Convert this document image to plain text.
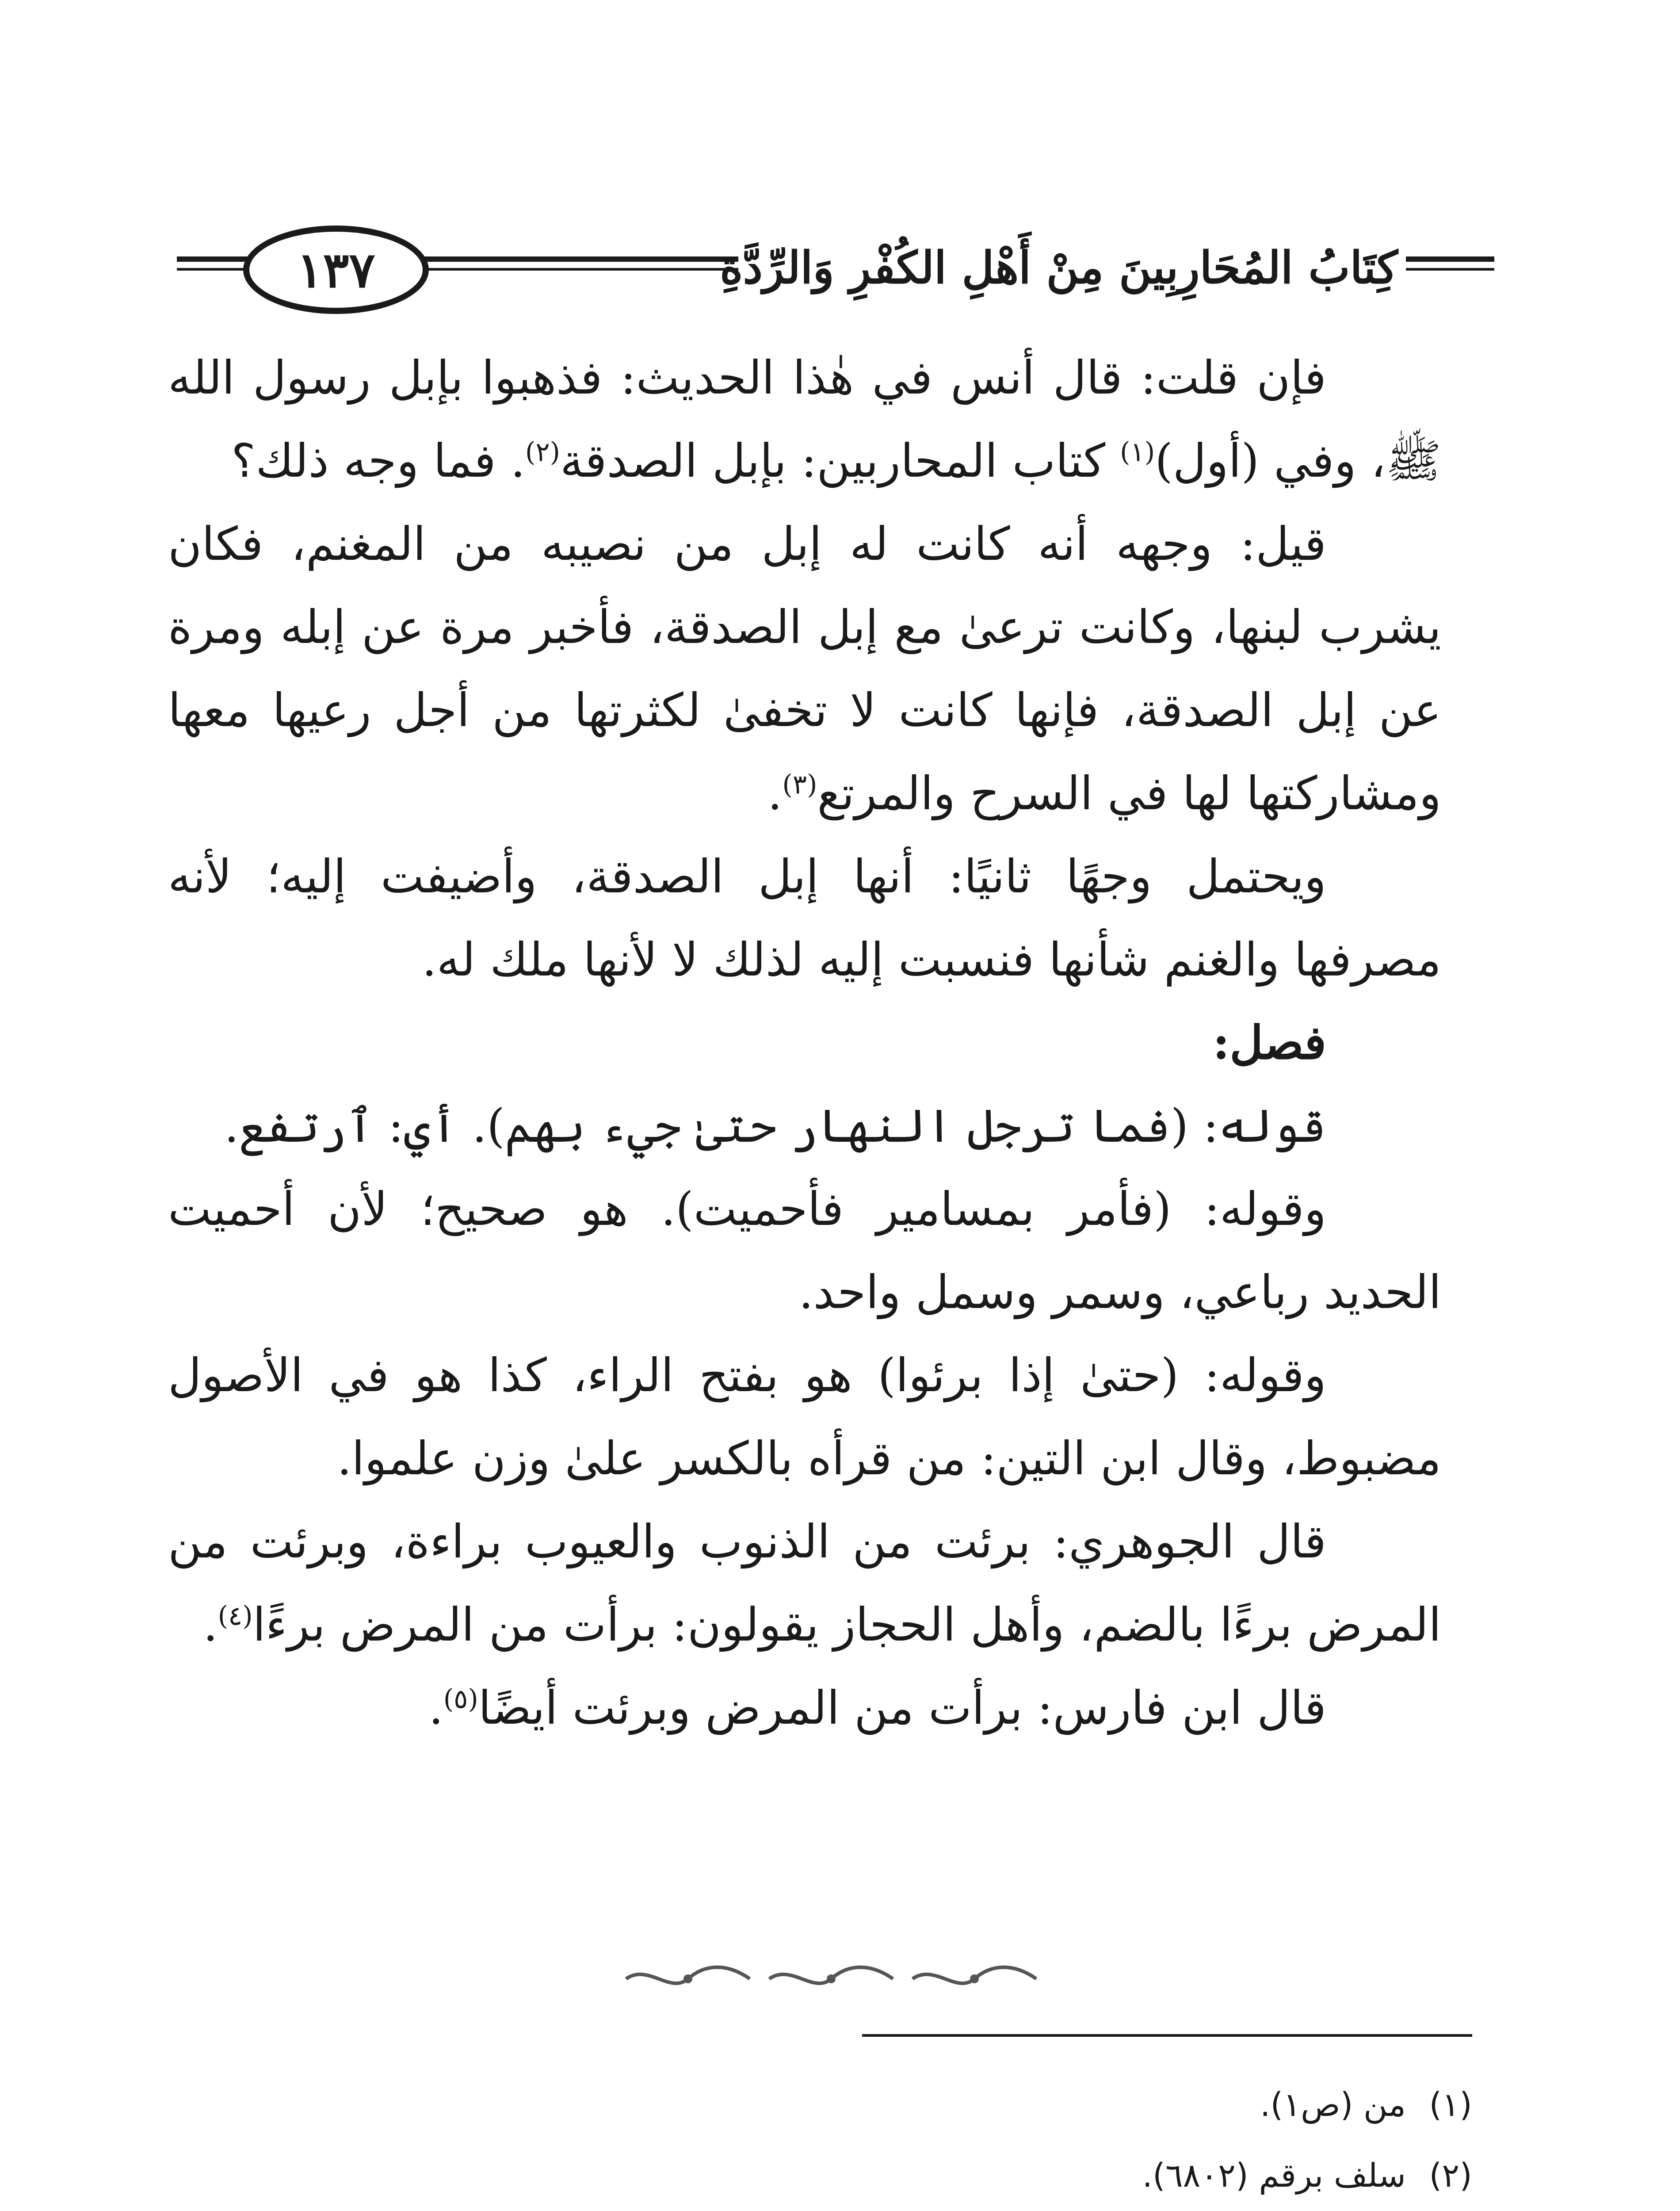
١٣٧	كِتَابُ المُحَارِبِينَ مِنْ أَهْلِ الكُفْرِ وَالرِّدَّةِ

فإن قلت: قال أنس في هٰذا الحديث: فذهبوا بإبل رسول الله ﷺ، وفي (أول)$^{(١)}$ كتاب المحاربين: بإبل الصدقة$^{(٢)}$. فما وجه ذلك؟

قيل: وجهه أنه كانت له إبل من نصيبه من المغنم، فكان يشرب لبنها، وكانت ترعىٰ مع إبل الصدقة، فأخبر مرة عن إبله ومرة عن إبل الصدقة، فإنها كانت لا تخفىٰ لكثرتها من أجل رعيها معها ومشاركتها لها في السرح والمرتع$^{(٣)}$.

ويحتمل وجهًا ثانيًا: أنها إبل الصدقة، وأضيفت إليه؛ لأنه مصرفها والغنم شأنها فنسبت إليه لذلك لا لأنها ملك له.

فصل:

قوله: (فما ترجل النهار حتىٰ جيء بهم). أي: ٱرتفع.

وقوله: (فأمر بمسامير فأحميت). هو صحيح؛ لأن أحميت الحديد رباعي، وسمر وسمل واحد.

وقوله: (حتىٰ إذا برئوا) هو بفتح الراء، كذا هو في الأصول مضبوط، وقال ابن التين: من قرأه بالكسر علىٰ وزن علموا.

قال الجوهري: برئت من الذنوب والعيوب براءة، وبرئت من المرض برءًا بالضم، وأهل الحجاز يقولون: برأت من المرض برءًا$^{(٤)}$.

قال ابن فارس: برأت من المرض وبرئت أيضًا$^{(٥)}$.

(١)من (ص١).
(٢)سلف برقم (٦٨٠٢).
